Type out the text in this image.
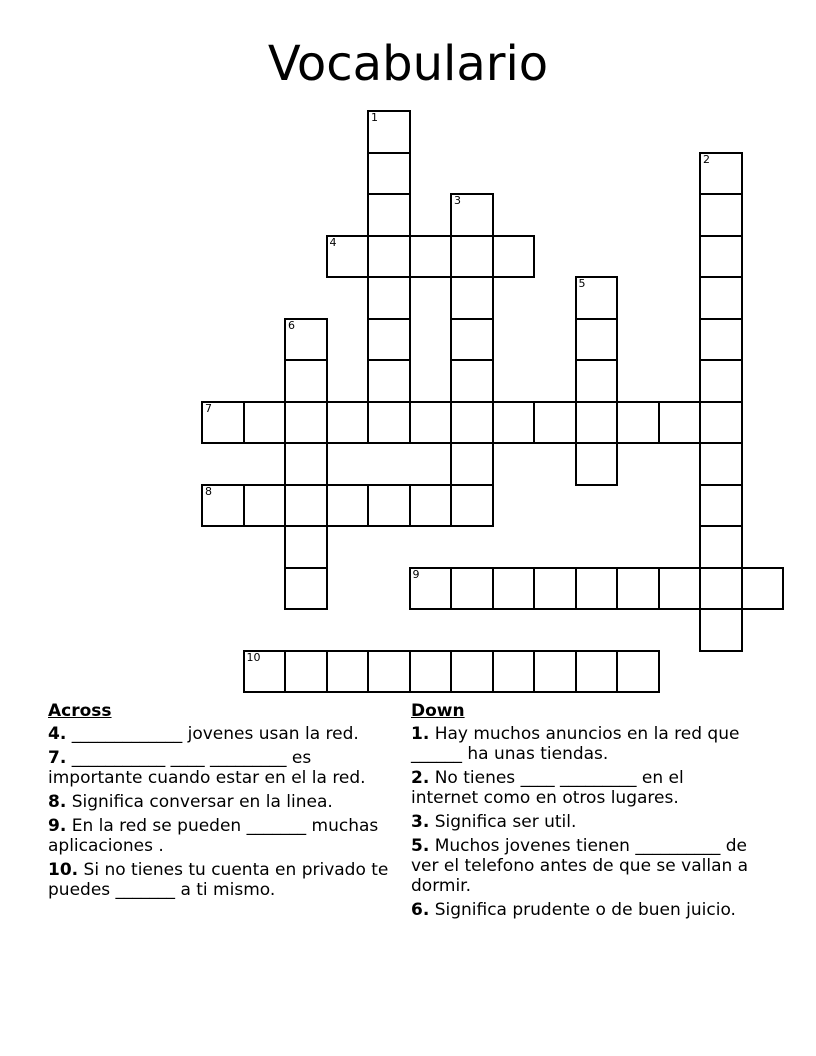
Vocabulario
1
2
3
4
5
6
7
8
9
10
Across
4. _____________ jovenes usan la red.
7. ___________ ____ _________ es importante cuando estar en el la red.
8. Significa conversar en la linea.
9. En la red se pueden _______ muchas aplicaciones .
10. Si no tienes tu cuenta en privado te puedes _______ a ti mismo.
Down
1. Hay muchos anuncios en la red que ______ ha unas tiendas.
2. No tienes ____ _________ en el internet como en otros lugares.
3. Significa ser util.
5. Muchos jovenes tienen __________ de ver el telefono antes de que se vallan a dormir.
6. Significa prudente o de buen juicio.
